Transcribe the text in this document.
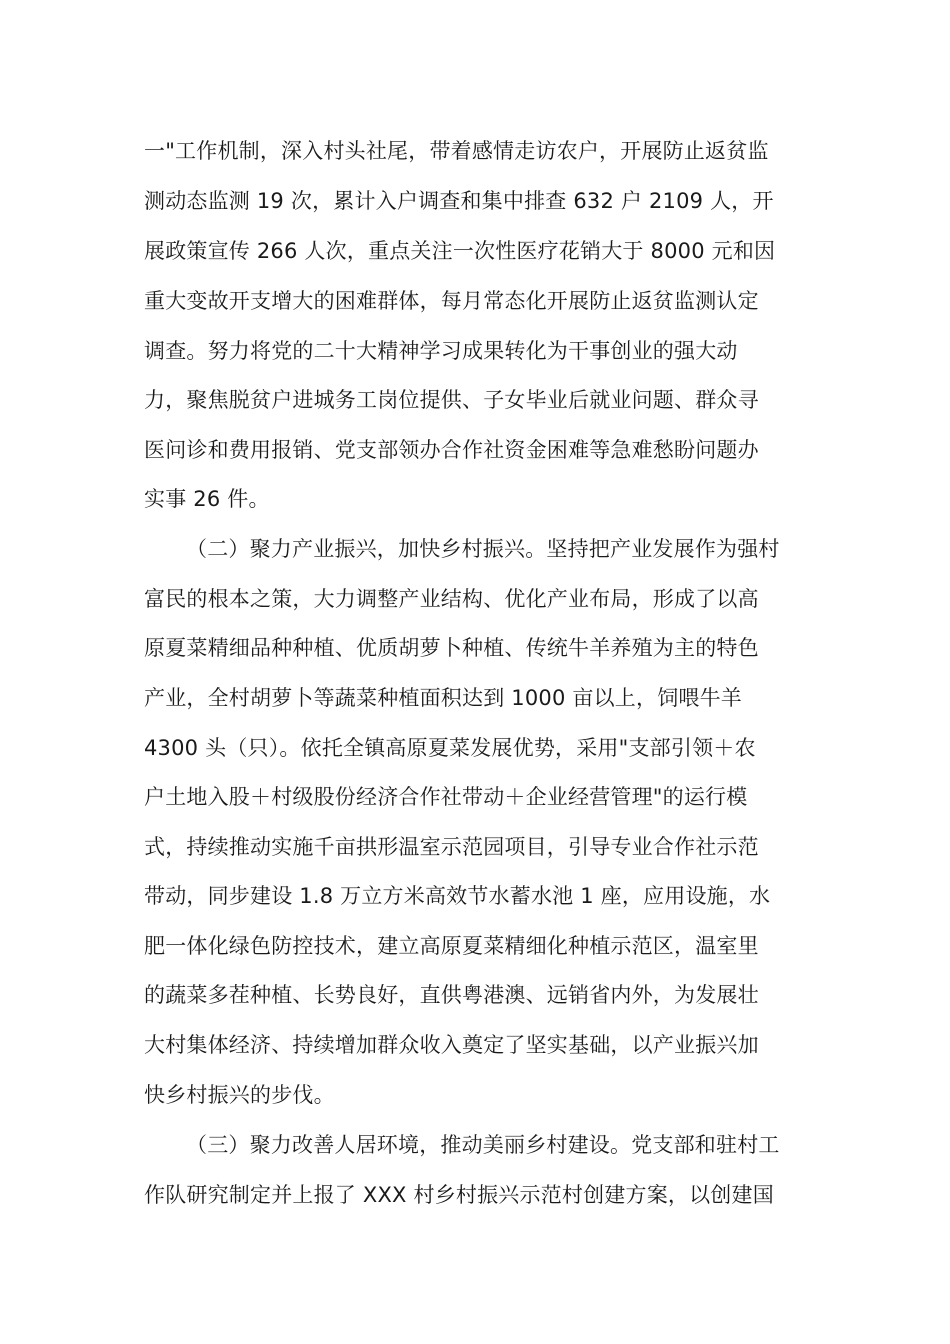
一"工作机制，深入村头社尾，带着感情走访农户，开展防止返贫监
测动态监测 19 次，累计入户调查和集中排查 632 户 2109 人，开
展政策宣传 266 人次，重点关注一次性医疗花销大于 8000 元和因
重大变故开支增大的困难群体，每月常态化开展防止返贫监测认定
调查。努力将党的二十大精神学习成果转化为干事创业的强大动
力，聚焦脱贫户进城务工岗位提供、子女毕业后就业问题、群众寻
医问诊和费用报销、党支部领办合作社资金困难等急难愁盼问题办
实事 26 件。
（二）聚力产业振兴，加快乡村振兴。坚持把产业发展作为强村
富民的根本之策，大力调整产业结构、优化产业布局，形成了以高
原夏菜精细品种种植、优质胡萝卜种植、传统牛羊养殖为主的特色
产业，全村胡萝卜等蔬菜种植面积达到 1000 亩以上，饲喂牛羊
4300 头（只）。依托全镇高原夏菜发展优势，采用"支部引领＋农
户土地入股＋村级股份经济合作社带动＋企业经营管理"的运行模
式，持续推动实施千亩拱形温室示范园项目，引导专业合作社示范
带动，同步建设 1.8 万立方米高效节水蓄水池 1 座，应用设施，水
肥一体化绿色防控技术，建立高原夏菜精细化种植示范区，温室里
的蔬菜多茬种植、长势良好，直供粤港澳、远销省内外，为发展壮
大村集体经济、持续增加群众收入奠定了坚实基础，以产业振兴加
快乡村振兴的步伐。
（三）聚力改善人居环境，推动美丽乡村建设。党支部和驻村工
作队研究制定并上报了 XXX 村乡村振兴示范村创建方案，以创建国
